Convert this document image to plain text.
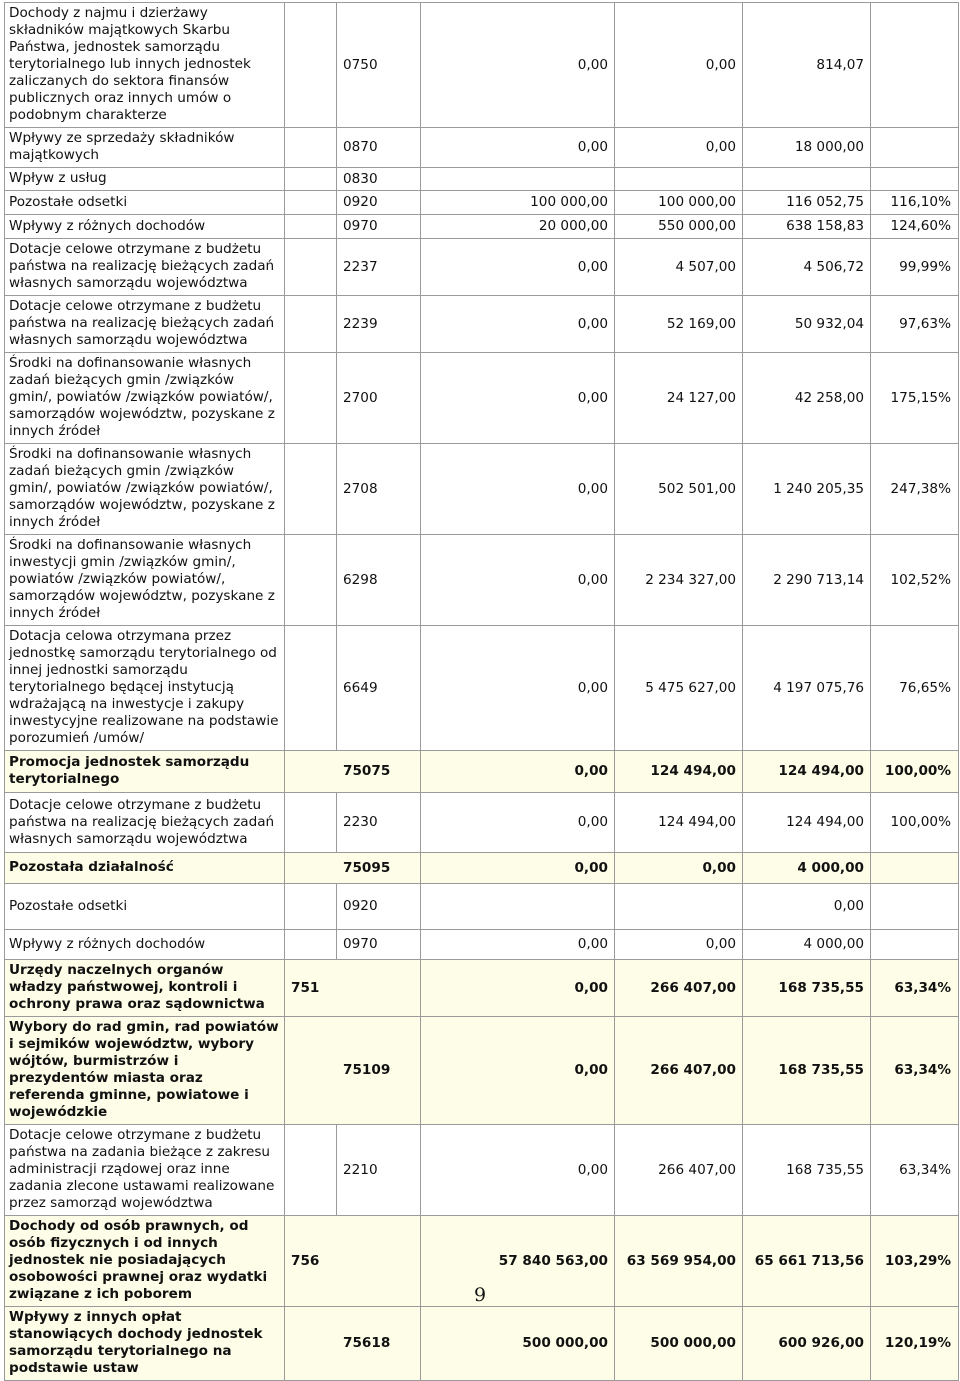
Dochody z najmu i dzierżawy składników majątkowych Skarbu Państwa, jednostek samorządu terytorialnego lub innych jednostek zaliczanych do sektora finansów publicznych oraz innych umów o podobnym charakterze		0750	0,00	0,00	814,07	
Wpływy ze sprzedaży składników majątkowych		0870	0,00	0,00	18 000,00	
Wpływ z usług		0830				
Pozostałe odsetki		0920	100 000,00	100 000,00	116 052,75	116,10%
Wpływy z różnych dochodów		0970	20 000,00	550 000,00	638 158,83	124,60%
Dotacje celowe otrzymane z budżetu państwa na realizację bieżących zadań własnych samorządu województwa		2237	0,00	4 507,00	4 506,72	99,99%
Dotacje celowe otrzymane z budżetu państwa na realizację bieżących zadań własnych samorządu województwa		2239	0,00	52 169,00	50 932,04	97,63%
Środki na dofinansowanie własnych zadań bieżących gmin /związków gmin/, powiatów /związków powiatów/, samorządów województw, pozyskane z innych źródeł		2700	0,00	24 127,00	42 258,00	175,15%
Środki na dofinansowanie własnych zadań bieżących gmin /związków gmin/, powiatów /związków powiatów/, samorządów województw, pozyskane z innych źródeł		2708	0,00	502 501,00	1 240 205,35	247,38%
Środki na dofinansowanie własnych inwestycji gmin /związków gmin/, powiatów /związków powiatów/, samorządów województw, pozyskane z innych źródeł		6298	0,00	2 234 327,00	2 290 713,14	102,52%
Dotacja celowa otrzymana przez jednostkę samorządu terytorialnego od innej jednostki samorządu terytorialnego będącej instytucją wdrażającą na inwestycje i zakupy inwestycyjne realizowane na podstawie porozumień /umów/		6649	0,00	5 475 627,00	4 197 075,76	76,65%
Promocja jednostek samorządu terytorialnego	75075		0,00	124 494,00	124 494,00	100,00%
Dotacje celowe otrzymane z budżetu państwa na realizację bieżących zadań własnych samorządu województwa		2230	0,00	124 494,00	124 494,00	100,00%
Pozostała działalność	75095		0,00	0,00	4 000,00	
Pozostałe odsetki		0920			0,00	
Wpływy z różnych dochodów		0970	0,00	0,00	4 000,00	
Urzędy naczelnych organów władzy państwowej, kontroli i ochrony prawa oraz sądownictwa	751		0,00	266 407,00	168 735,55	63,34%
Wybory do rad gmin, rad powiatów i sejmików województw, wybory wójtów, burmistrzów i prezydentów miasta oraz referenda gminne, powiatowe i wojewódzkie	75109		0,00	266 407,00	168 735,55	63,34%
Dotacje celowe otrzymane z budżetu państwa na zadania bieżące z zakresu administracji rządowej oraz inne zadania zlecone ustawami realizowane przez samorząd województwa		2210	0,00	266 407,00	168 735,55	63,34%
Dochody od osób prawnych, od osób fizycznych i od innych jednostek nie posiadających osobowości prawnej oraz wydatki związane z ich poborem	756		57 840 563,00	63 569 954,00	65 661 713,56	103,29%
Wpływy z innych opłat stanowiących dochody jednostek samorządu terytorialnego na podstawie ustaw	75618		500 000,00	500 000,00	600 926,00	120,19%
9
